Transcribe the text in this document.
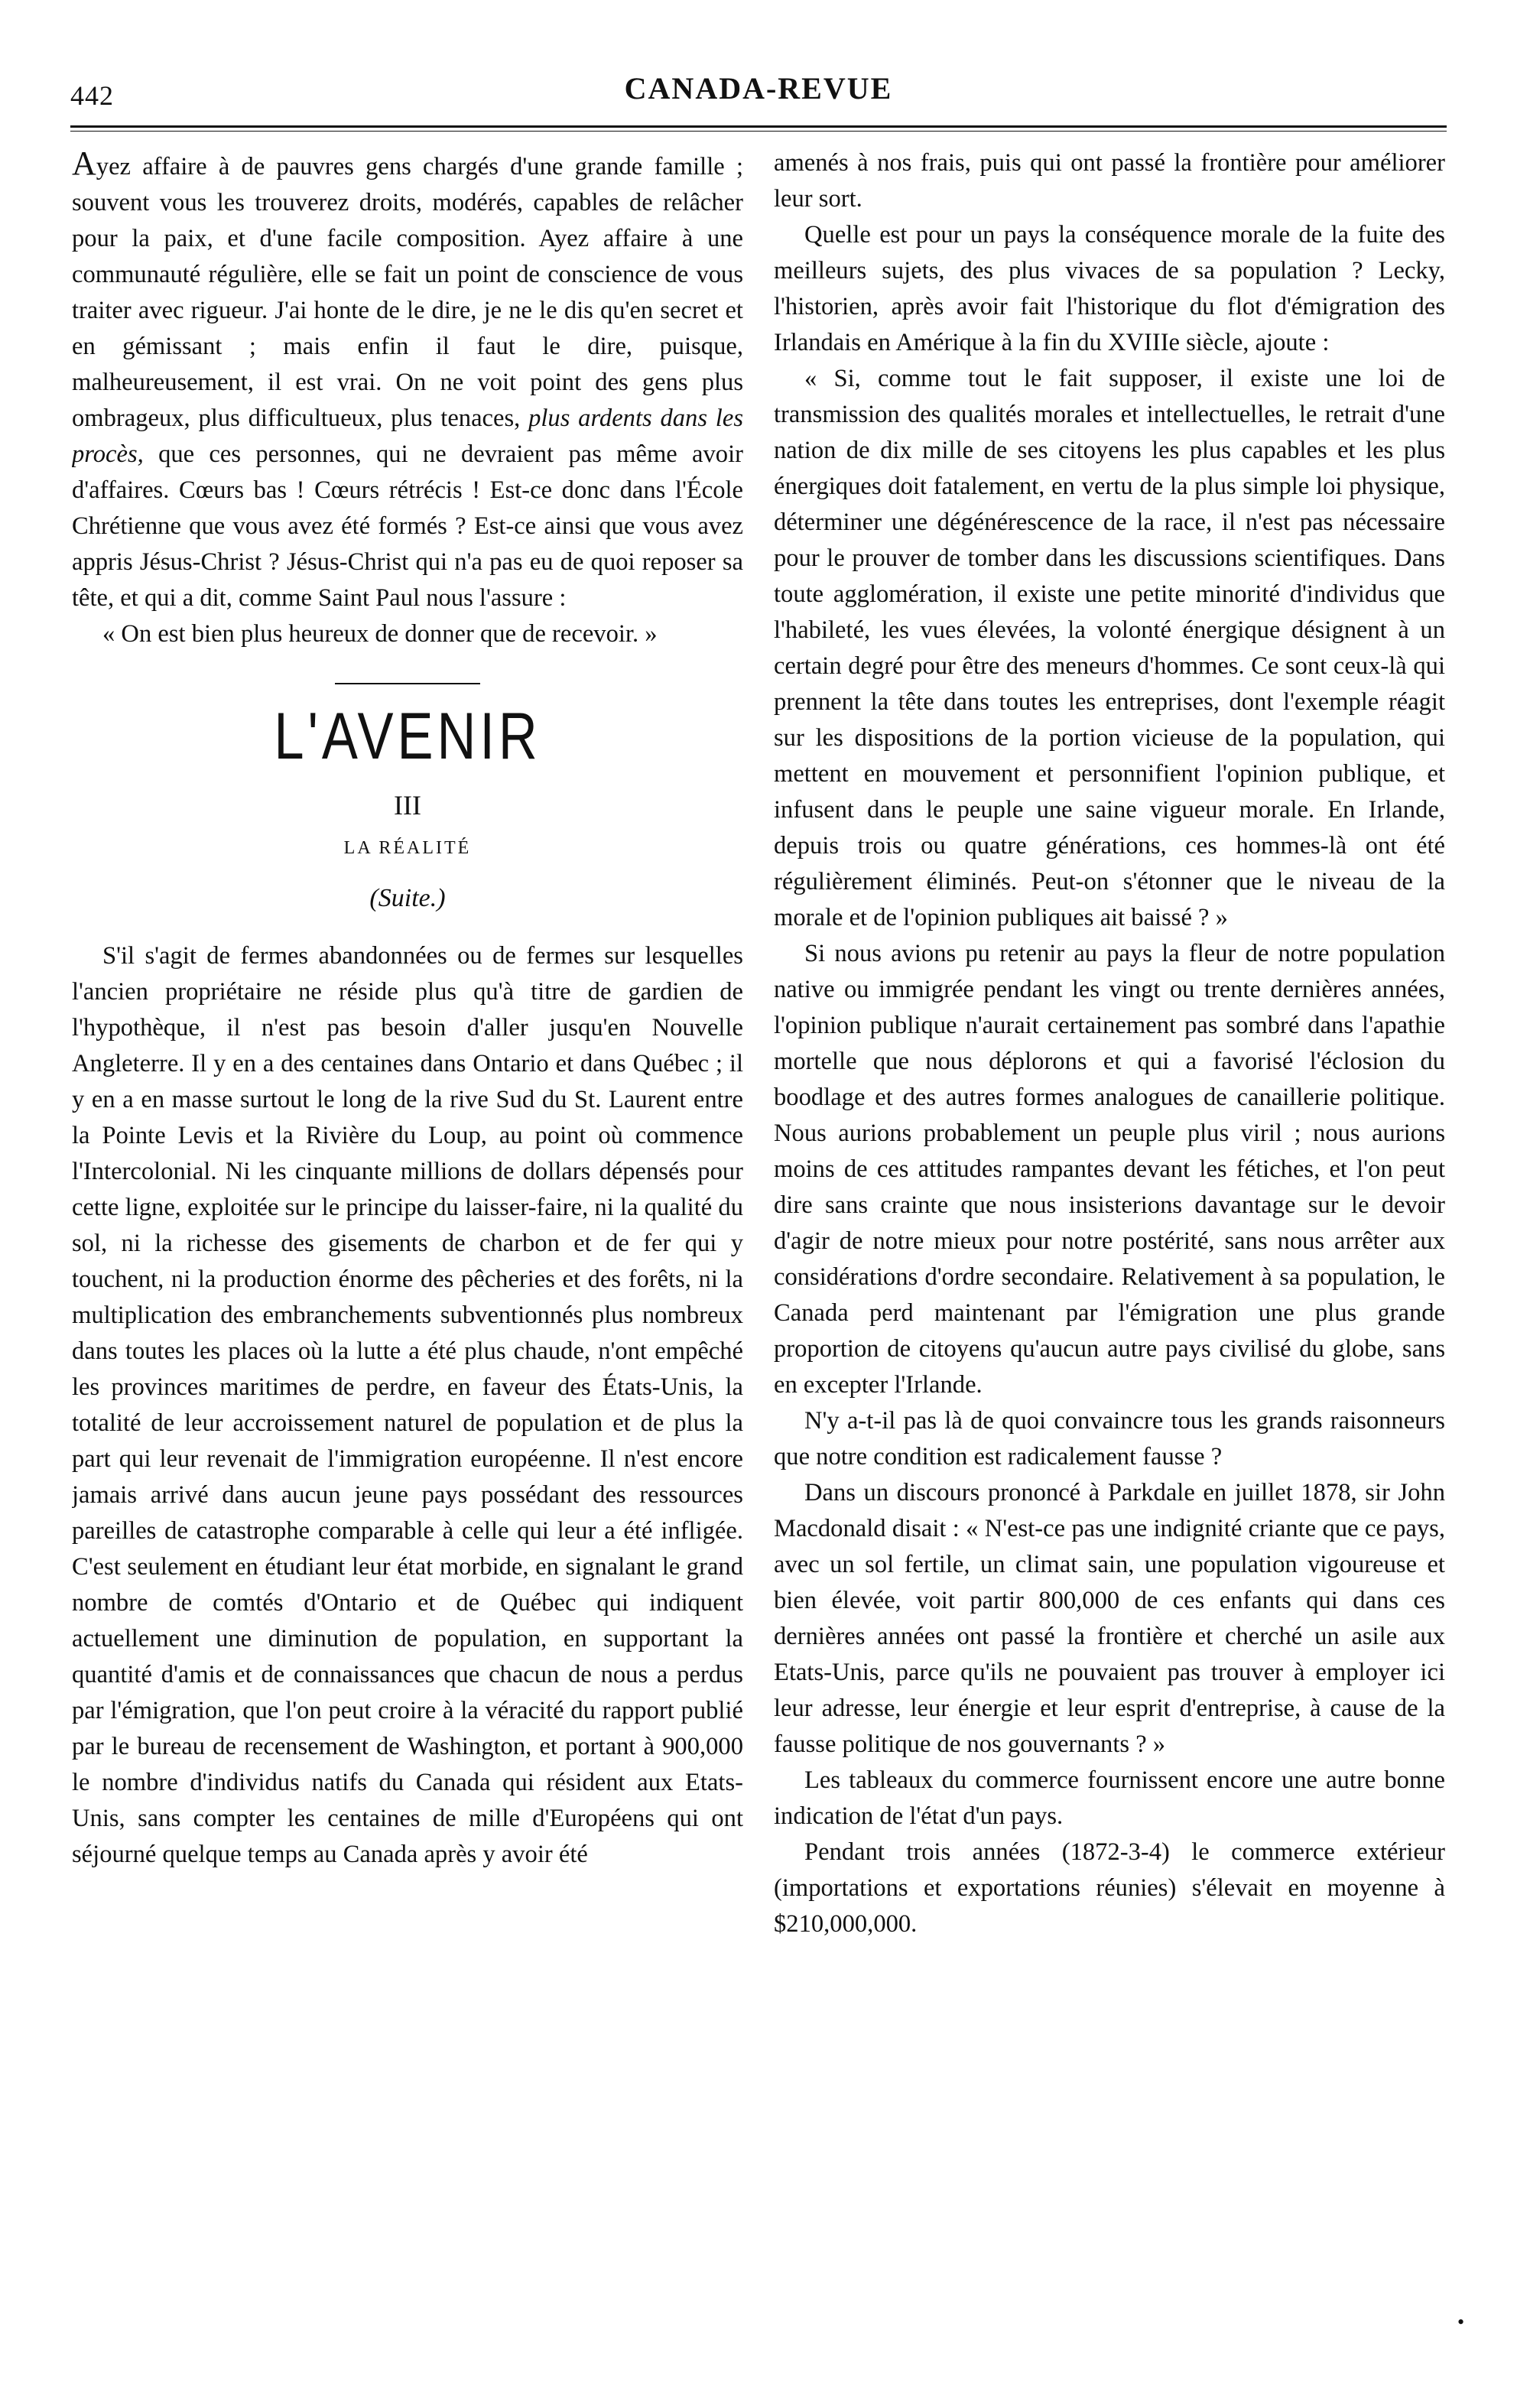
442	CANADA-REVUE

Ayez affaire à de pauvres gens chargés d'une grande famille ; souvent vous les trouverez droits, modérés, capables de relâcher pour la paix, et d'une facile composition. Ayez affaire à une communauté régulière, elle se fait un point de conscience de vous traiter avec rigueur. J'ai honte de le dire, je ne le dis qu'en secret et en gémissant ; mais enfin il faut le dire, puisque, malheureusement, il est vrai. On ne voit point des gens plus ombrageux, plus difficultueux, plus tenaces, plus ardents dans les procès, que ces personnes, qui ne devraient pas même avoir d'affaires. Cœurs bas ! Cœurs rétrécis ! Est-ce donc dans l'École Chrétienne que vous avez été formés ? Est-ce ainsi que vous avez appris Jésus-Christ ? Jésus-Christ qui n'a pas eu de quoi reposer sa tête, et qui a dit, comme Saint Paul nous l'assure :

« On est bien plus heureux de donner que de recevoir. »

L'AVENIR
III
LA RÉALITÉ
(Suite.)

S'il s'agit de fermes abandonnées ou de fermes sur lesquelles l'ancien propriétaire ne réside plus qu'à titre de gardien de l'hypothèque, il n'est pas besoin d'aller jusqu'en Nouvelle Angleterre. Il y en a des centaines dans Ontario et dans Québec ; il y en a en masse surtout le long de la rive Sud du St. Laurent entre la Pointe Levis et la Rivière du Loup, au point où commence l'Intercolonial. Ni les cinquante millions de dollars dépensés pour cette ligne, exploitée sur le principe du laisser-faire, ni la qualité du sol, ni la richesse des gisements de charbon et de fer qui y touchent, ni la production énorme des pêcheries et des forêts, ni la multiplication des embranchements subventionnés plus nombreux dans toutes les places où la lutte a été plus chaude, n'ont empêché les provinces maritimes de perdre, en faveur des États-Unis, la totalité de leur accroissement naturel de population et de plus la part qui leur revenait de l'immigration européenne. Il n'est encore jamais arrivé dans aucun jeune pays possédant des ressources pareilles de catastrophe comparable à celle qui leur a été infligée. C'est seulement en étudiant leur état morbide, en signalant le grand nombre de comtés d'Ontario et de Québec qui indiquent actuellement une diminution de population, en supportant la quantité d'amis et de connaissances que chacun de nous a perdus par l'émigration, que l'on peut croire à la véracité du rapport publié par le bureau de recensement de Washington, et portant à 900,000 le nombre d'individus natifs du Canada qui résident aux Etats-Unis, sans compter les centaines de mille d'Européens qui ont séjourné quelque temps au Canada après y avoir été

amenés à nos frais, puis qui ont passé la frontière pour améliorer leur sort.

Quelle est pour un pays la conséquence morale de la fuite des meilleurs sujets, des plus vivaces de sa population ? Lecky, l'historien, après avoir fait l'historique du flot d'émigration des Irlandais en Amérique à la fin du XVIIIe siècle, ajoute :

« Si, comme tout le fait supposer, il existe une loi de transmission des qualités morales et intellectuelles, le retrait d'une nation de dix mille de ses citoyens les plus capables et les plus énergiques doit fatalement, en vertu de la plus simple loi physique, déterminer une dégénérescence de la race, il n'est pas nécessaire pour le prouver de tomber dans les discussions scientifiques. Dans toute agglomération, il existe une petite minorité d'individus que l'habileté, les vues élevées, la volonté énergique désignent à un certain degré pour être des meneurs d'hommes. Ce sont ceux-là qui prennent la tête dans toutes les entreprises, dont l'exemple réagit sur les dispositions de la portion vicieuse de la population, qui mettent en mouvement et personnifient l'opinion publique, et infusent dans le peuple une saine vigueur morale. En Irlande, depuis trois ou quatre générations, ces hommes-là ont été régulièrement éliminés. Peut-on s'étonner que le niveau de la morale et de l'opinion publiques ait baissé ? »

Si nous avions pu retenir au pays la fleur de notre population native ou immigrée pendant les vingt ou trente dernières années, l'opinion publique n'aurait certainement pas sombré dans l'apathie mortelle que nous déplorons et qui a favorisé l'éclosion du boodlage et des autres formes analogues de canaillerie politique. Nous aurions probablement un peuple plus viril ; nous aurions moins de ces attitudes rampantes devant les fétiches, et l'on peut dire sans crainte que nous insisterions davantage sur le devoir d'agir de notre mieux pour notre postérité, sans nous arrêter aux considérations d'ordre secondaire. Relativement à sa population, le Canada perd maintenant par l'émigration une plus grande proportion de citoyens qu'aucun autre pays civilisé du globe, sans en excepter l'Irlande.

N'y a-t-il pas là de quoi convaincre tous les grands raisonneurs que notre condition est radicalement fausse ?

Dans un discours prononcé à Parkdale en juillet 1878, sir John Macdonald disait : « N'est-ce pas une indignité criante que ce pays, avec un sol fertile, un climat sain, une population vigoureuse et bien élevée, voit partir 800,000 de ces enfants qui dans ces dernières années ont passé la frontière et cherché un asile aux Etats-Unis, parce qu'ils ne pouvaient pas trouver à employer ici leur adresse, leur énergie et leur esprit d'entreprise, à cause de la fausse politique de nos gouvernants ? »

Les tableaux du commerce fournissent encore une autre bonne indication de l'état d'un pays.

Pendant trois années (1872-3-4) le commerce extérieur (importations et exportations réunies) s'élevait en moyenne à $210,000,000.

•
